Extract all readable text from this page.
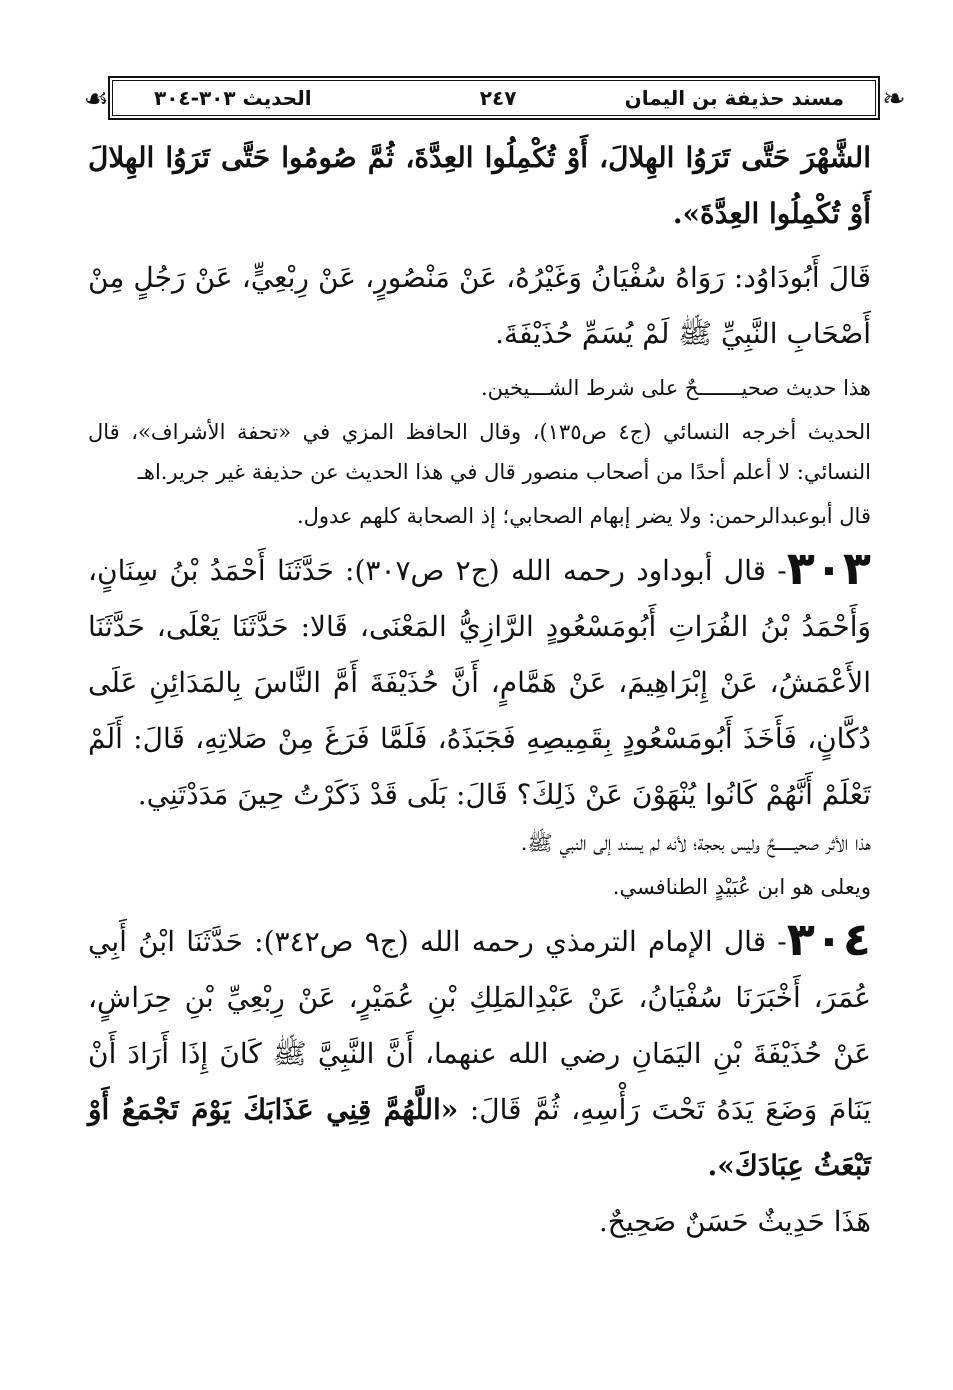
❧
☙	مسند حذيفة بن اليمان
٢٤٧
الحديث ٣٠٣-٣٠٤

الشَّهْرَ حَتَّى تَرَوُا الهِلالَ، أَوْ تُكْمِلُوا العِدَّةَ، ثُمَّ صُومُوا حَتَّى تَرَوُا الهِلالَ أَوْ تُكْمِلُوا العِدَّةَ».

قَالَ أَبُودَاوُد: رَوَاهُ سُفْيَانُ وَغَيْرُهُ، عَنْ مَنْصُورٍ، عَنْ رِبْعِيٍّ، عَنْ رَجُلٍ مِنْ أَصْحَابِ النَّبِيِّ ﷺ لَمْ يُسَمِّ حُذَيْفَةَ.

هذا حديث صحيـــــــحٌ على شرط الشـــيخين.

الحديث أخرجه النسائي (ج٤ ص١٣٥)، وقال الحافظ المزي في «تحفة الأشراف»، قال النسائي: لا أعلم أحدًا من أصحاب منصور قال في هذا الحديث عن حذيفة غير جرير.اهـ

قال أبوعبدالرحمن: ولا يضر إبهام الصحابي؛ إذ الصحابة كلهم عدول.

٣٠٣- قال أبوداود رحمه الله (ج٢ ص٣٠٧): حَدَّثَنَا أَحْمَدُ بْنُ سِنَانٍ، وَأَحْمَدُ بْنُ الفُرَاتِ أَبُومَسْعُودٍ الرَّازِيُّ المَعْنَى، قَالا: حَدَّثَنَا يَعْلَى، حَدَّثَنَا الأَعْمَشُ، عَنْ إِبْرَاهِيمَ، عَنْ هَمَّامٍ، أَنَّ حُذَيْفَةَ أَمَّ النَّاسَ بِالمَدَائِنِ عَلَى دُكَّانٍ، فَأَخَذَ أَبُومَسْعُودٍ بِقَمِيصِهِ فَجَبَذَهُ، فَلَمَّا فَرَغَ مِنْ صَلاتِهِ، قَالَ: أَلَمْ تَعْلَمْ أَنَّهُمْ كَانُوا يُنْهَوْنَ عَنْ ذَلِكَ؟ قَالَ: بَلَى قَدْ ذَكَرْتُ حِينَ مَدَدْتَنِي.

هذا الأثر صحيـــــــحٌ وليس بحجة؛ لأنه لم يسند إلى النبي ﷺ.

ويعلى هو ابن عُبَيْدٍ الطنافسي.

٣٠٤- قال الإمام الترمذي رحمه الله (ج٩ ص٣٤٢): حَدَّثَنَا ابْنُ أَبِي عُمَرَ، أَخْبَرَنَا سُفْيَانُ، عَنْ عَبْدِالمَلِكِ بْنِ عُمَيْرٍ، عَنْ رِبْعِيِّ بْنِ حِرَاشٍ، عَنْ حُذَيْفَةَ بْنِ اليَمَانِ رضي الله عنهما، أَنَّ النَّبِيَّ ﷺ كَانَ إِذَا أَرَادَ أَنْ يَنَامَ وَضَعَ يَدَهُ تَحْتَ رَأْسِهِ، ثُمَّ قَالَ: «اللَّهُمَّ قِنِي عَذَابَكَ يَوْمَ تَجْمَعُ أَوْ تَبْعَثُ عِبَادَكَ».

هَذَا حَدِيثٌ حَسَنٌ صَحِيحٌ.
